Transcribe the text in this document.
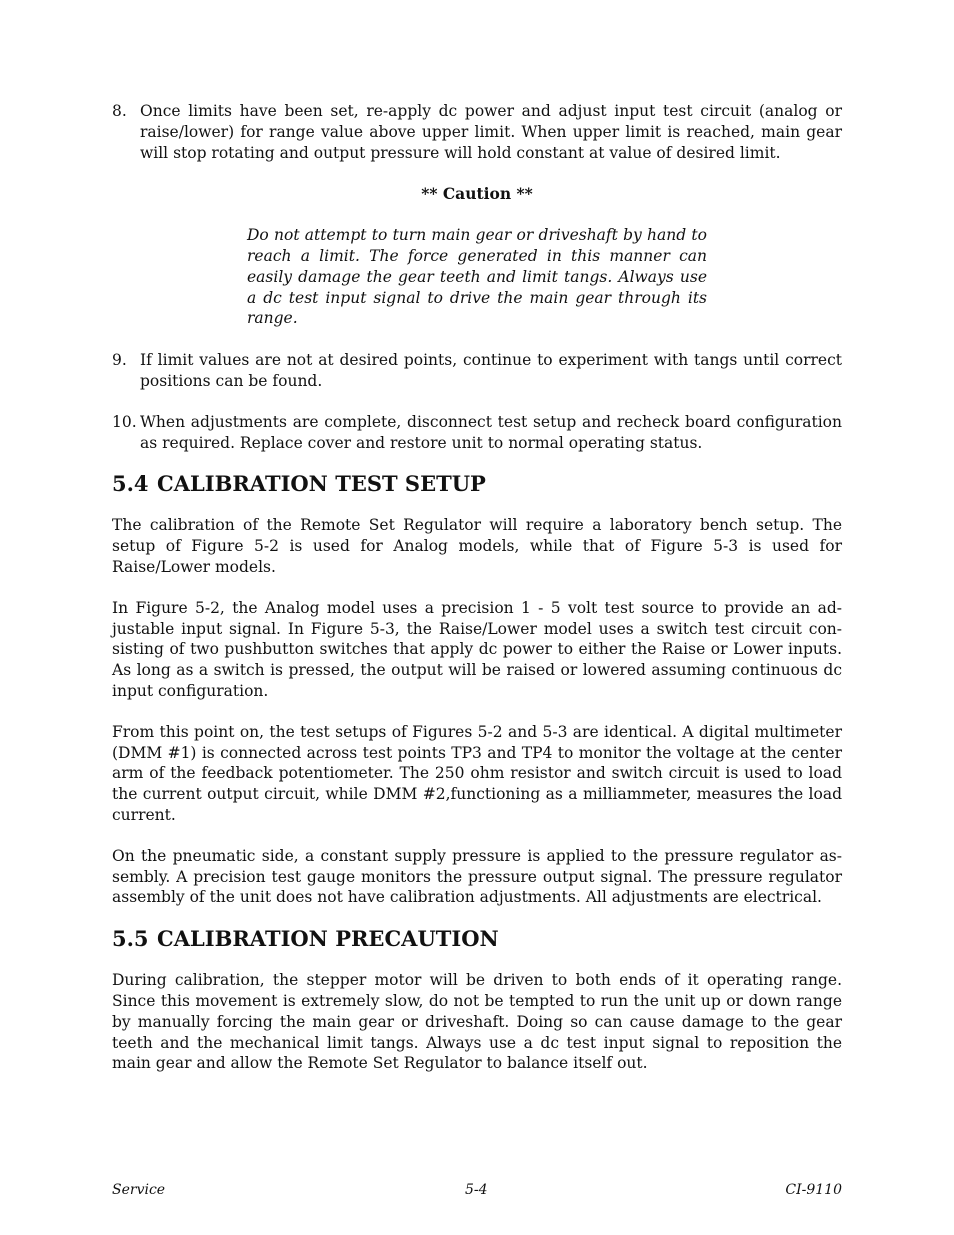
8. Once limits have been set, re-apply dc power and adjust input test circuit (analog or raise/lower) for range value above upper limit. When upper limit is reached, main gear will stop rotating and output pressure will hold constant at value of desired limit.
** Caution **
Do not attempt to turn main gear or driveshaft by hand to reach a limit. The force generated in this manner can easily damage the gear teeth and limit tangs. Always use a dc test input signal to drive the main gear through its range.
9. If limit values are not at desired points, continue to experiment with tangs until correct positions can be found.
10. When adjustments are complete, disconnect test setup and recheck board configuration as required. Replace cover and restore unit to normal operating status.
5.4 CALIBRATION TEST SETUP

The calibration of the Remote Set Regulator will require a laboratory bench setup. The setup of Figure 5-2 is used for Analog models, while that of Figure 5-3 is used for Raise/Lower models.

In Figure 5-2, the Analog model uses a precision 1 - 5 volt test source to provide an ad-justable input signal. In Figure 5-3, the Raise/Lower model uses a switch test circuit con-sisting of two pushbutton switches that apply dc power to either the Raise or Lower inputs. As long as a switch is pressed, the output will be raised or lowered assuming continuous dc input configuration.

From this point on, the test setups of Figures 5-2 and 5-3 are identical. A digital multimeter (DMM #1) is connected across test points TP3 and TP4 to monitor the voltage at the center arm of the feedback potentiometer. The 250 ohm resistor and switch circuit is used to load the current output circuit, while DMM #2,functioning as a milliammeter, measures the load current.

On the pneumatic side, a constant supply pressure is applied to the pressure regulator as-sembly. A precision test gauge monitors the pressure output signal. The pressure regulator assembly of the unit does not have calibration adjustments. All adjustments are electrical.

5.5 CALIBRATION PRECAUTION

During calibration, the stepper motor will be driven to both ends of it operating range. Since this movement is extremely slow, do not be tempted to run the unit up or down range by manually forcing the main gear or driveshaft. Doing so can cause damage to the gear teeth and the mechanical limit tangs. Always use a dc test input signal to reposition the main gear and allow the Remote Set Regulator to balance itself out.

Service	5-4	CI-9110
